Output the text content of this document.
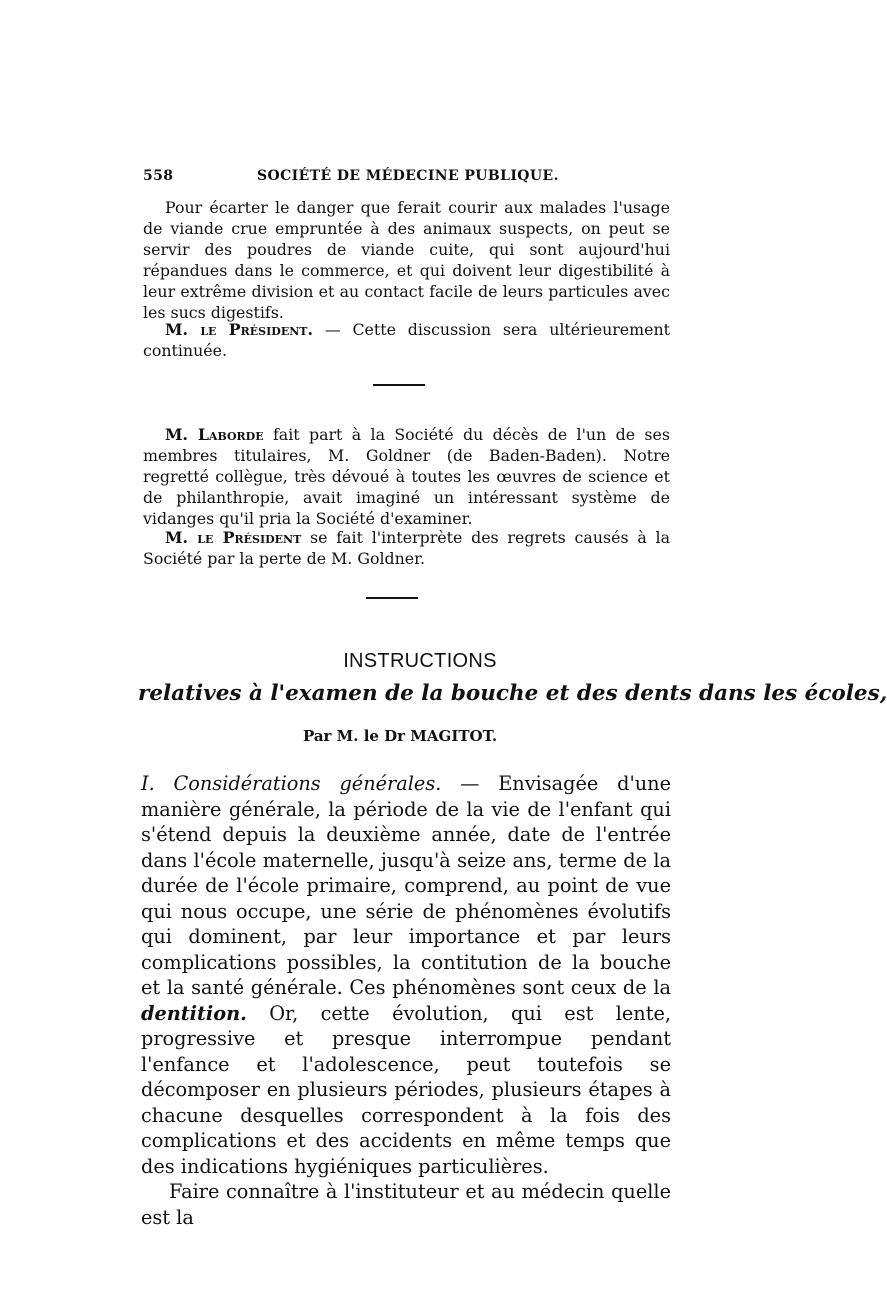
558	SOCIÉTÉ DE MÉDECINE PUBLIQUE.

Pour écarter le danger que ferait courir aux malades l'usage de viande crue empruntée à des animaux suspects, on peut se servir des poudres de viande cuite, qui sont aujourd'hui répandues dans le commerce, et qui doivent leur digestibilité à leur extrême division et au contact facile de leurs particules avec les sucs digestifs.

M. le Président. — Cette discussion sera ultérieurement continuée.

M. Laborde fait part à la Société du décès de l'un de ses membres titulaires, M. Goldner (de Baden-Baden). Notre regretté collègue, très dévoué à toutes les œuvres de science et de philanthropie, avait imaginé un intéressant système de vidanges qu'il pria la Société d'examiner.

M. le Président se fait l'interprète des regrets causés à la Société par la perte de M. Goldner.

INSTRUCTIONS
relatives à l'examen de la bouche et des dents dans les écoles,
Par M. le Dr MAGITOT.

I. Considérations générales. — Envisagée d'une manière générale, la période de la vie de l'enfant qui s'étend depuis la deuxième année, date de l'entrée dans l'école maternelle, jusqu'à seize ans, terme de la durée de l'école primaire, comprend, au point de vue qui nous occupe, une série de phénomènes évolutifs qui dominent, par leur importance et par leurs complications possibles, la contitution de la bouche et la santé générale. Ces phénomènes sont ceux de la dentition. Or, cette évolution, qui est lente, progressive et presque interrompue pendant l'enfance et l'adolescence, peut toutefois se décomposer en plusieurs périodes, plusieurs étapes à chacune desquelles correspondent à la fois des complications et des accidents en même temps que des indications hygiéniques particulières.
Faire connaître à l'instituteur et au médecin quelle est la
